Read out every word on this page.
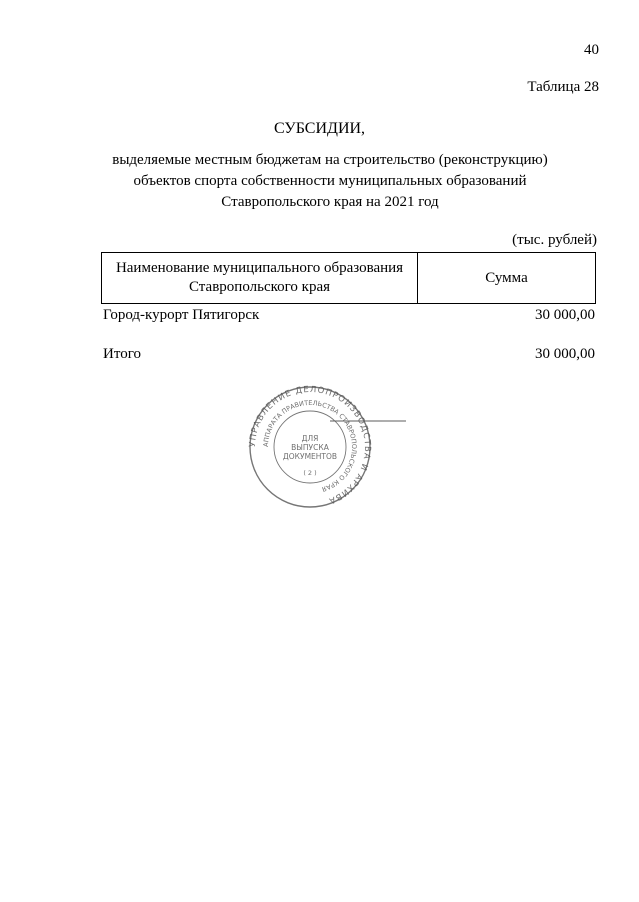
40
Таблица 28
СУБСИДИИ,
выделяемые местным бюджетам на строительство (реконструкцию)
объектов спорта собственности муниципальных образований
Ставропольского края на 2021 год
(тыс. рублей)
Наименование муниципального образования Ставропольского края	Сумма
Город-курорт Пятигорск	30 000,00
Итого	30 000,00
УПРАВЛЕНИЕ ДЕЛОПРОИЗВОДСТВА И АРХИВА
АППАРАТА ПРАВИТЕЛЬСТВА СТАВРОПОЛЬСКОГО КРАЯ
ДЛЯ
ВЫПУСКА
ДОКУМЕНТОВ
( 2 )
